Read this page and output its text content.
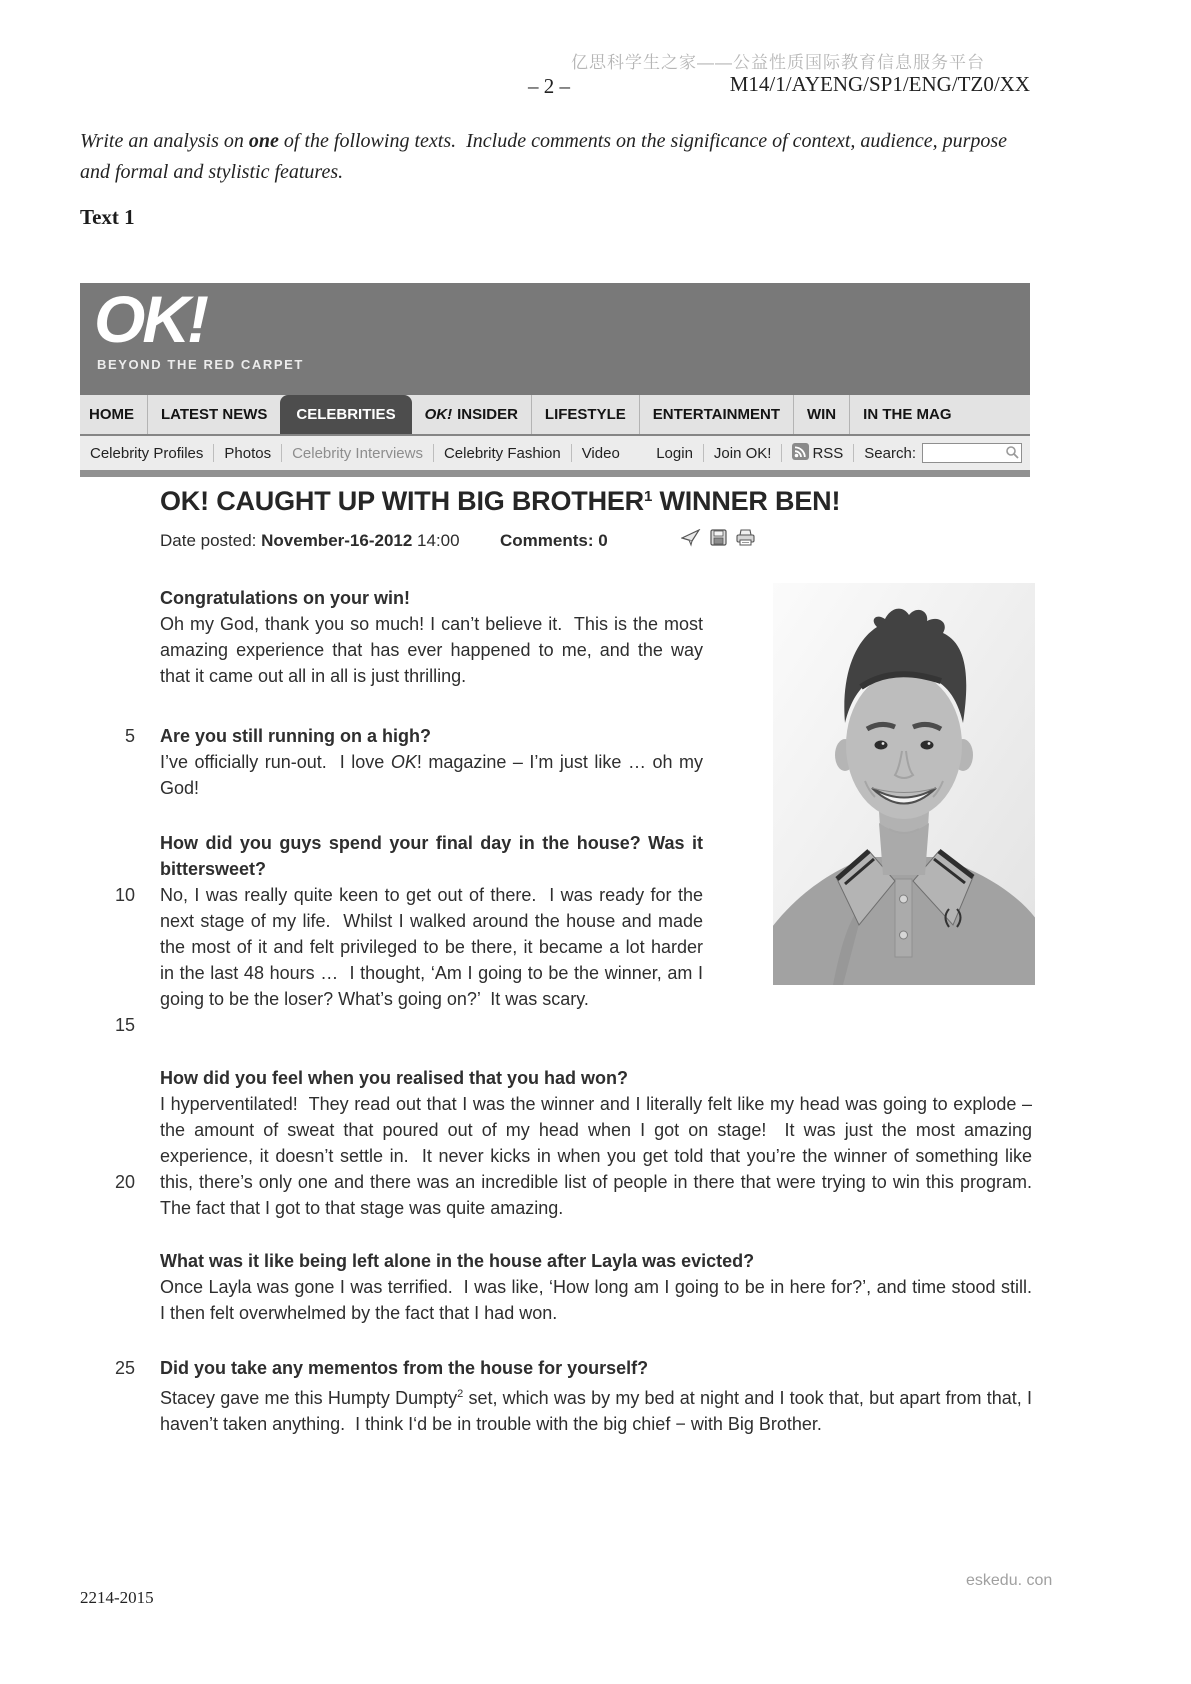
亿思科学生之家——公益性质国际教育信息服务平台
– 2 –	M14/1/AYENG/SP1/ENG/TZ0/XX
Write an analysis on one of the following texts.  Include comments on the significance of context, audience, purpose and formal and stylistic features.
Text 1
OK!
BEYOND THE RED CARPET
HOME	LATEST NEWS	CELEBRITIES	OK! INSIDER	LIFESTYLE	ENTERTAINMENT	WIN	IN THE MAG
Celebrity Profiles	Photos	Celebrity Interviews	Celebrity Fashion	Video	Login	Join OK!	RSS	Search:
OK! CAUGHT UP WITH BIG BROTHER$^1$ WINNER BEN!
Date posted: November-16-2012 14:00 Comments: 0
5
10
15
20
25

Congratulations on your win!

Oh my God, thank you so much! I can’t believe it.  This is the most amazing experience that has ever happened to me, and the way that it came out all in all is just thrilling.

Are you still running on a high?

I’ve officially run-out.  I love OK! magazine – I’m just like … oh my God!

How did you guys spend your final day in the house? Was it bittersweet?

No, I was really quite keen to get out of there.  I was ready for the next stage of my life.  Whilst I walked around the house and made the most of it and felt privileged to be there, it became a lot harder in the last 48 hours …  I thought, ‘Am I going to be the winner, am I going to be the loser? What’s going on?’  It was scary.

How did you feel when you realised that you had won?

I hyperventilated!  They read out that I was the winner and I literally felt like my head was going to explode – the amount of sweat that poured out of my head when I got on stage!  It was just the most amazing experience, it doesn’t settle in.  It never kicks in when you get told that you’re the winner of something like this, there’s only one and there was an incredible list of people in there that were trying to win this program.  The fact that I got to that stage was quite amazing.

What was it like being left alone in the house after Layla was evicted?

Once Layla was gone I was terrified.  I was like, ‘How long am I going to be in here for?’, and time stood still.  I then felt overwhelmed by the fact that I had won.

Did you take any mementos from the house for yourself?

Stacey gave me this Humpty Dumpty$^2$ set, which was by my bed at night and I took that, but apart from that, I haven’t taken anything.  I think I‘d be in trouble with the big chief − with Big Brother.

2214-2015
eskedu. con
